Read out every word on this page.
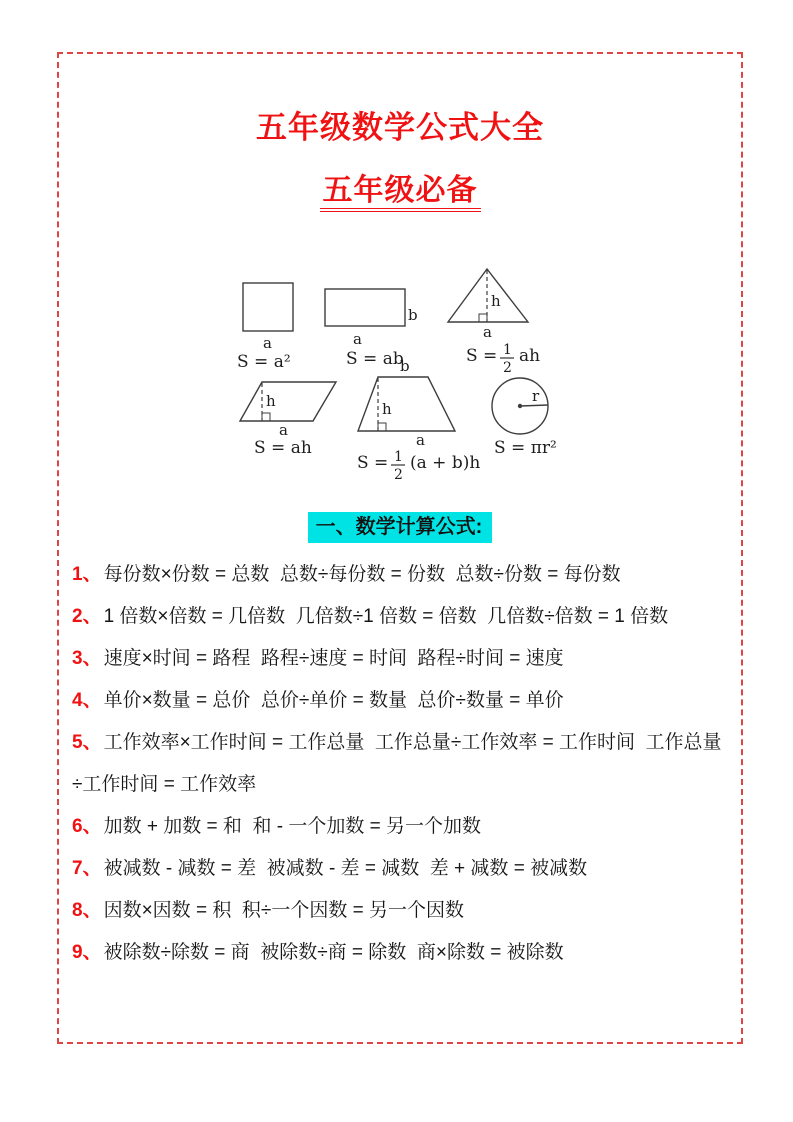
五年级数学公式大全
五年级必备
a
S = a²
b
a
S = ab
h
a
S = 1
2
ah
h
a
S = ah
b
h
a
S = 1
2
(a + b)h
r
S = πr²
一、数学计算公式:
1、 每份数×份数 = 总数  总数÷每份数 = 份数  总数÷份数 = 每份数
2、 1 倍数×倍数 = 几倍数  几倍数÷1 倍数 = 倍数  几倍数÷倍数 = 1 倍数
3、 速度×时间 = 路程  路程÷速度 = 时间  路程÷时间 = 速度
4、 单价×数量 = 总价  总价÷单价 = 数量  总价÷数量 = 单价
5、 工作效率×工作时间 = 工作总量  工作总量÷工作效率 = 工作时间  工作总量÷工作时间 = 工作效率
6、 加数 + 加数 = 和  和 - 一个加数 = 另一个加数
7、 被减数 - 减数 = 差  被减数 - 差 = 减数  差 + 减数 = 被减数
8、 因数×因数 = 积  积÷一个因数 = 另一个因数
9、 被除数÷除数 = 商  被除数÷商 = 除数  商×除数 = 被除数
